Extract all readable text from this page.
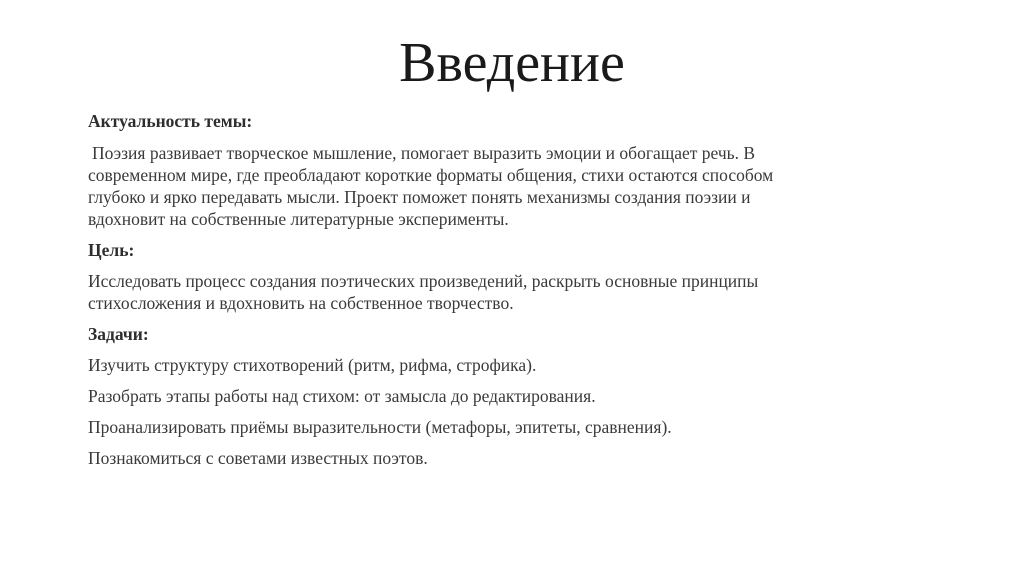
Введение
Актуальность темы:
Поэзия развивает творческое мышление, помогает выразить эмоции и обогащает речь. В
современном мире, где преобладают короткие форматы общения, стихи остаются способом
глубоко и ярко передавать мысли. Проект поможет понять механизмы создания поэзии и
вдохновит на собственные литературные эксперименты.
Цель:
Исследовать процесс создания поэтических произведений, раскрыть основные принципы
стихосложения и вдохновить на собственное творчество.
Задачи:
Изучить структуру стихотворений (ритм, рифма, строфика).
Разобрать этапы работы над стихом: от замысла до редактирования.
Проанализировать приёмы выразительности (метафоры, эпитеты, сравнения).
Познакомиться с советами известных поэтов.
